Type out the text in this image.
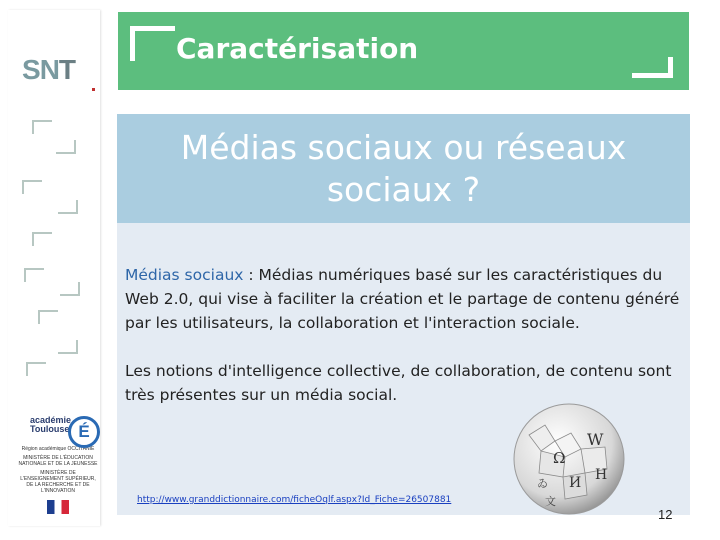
SNT
académie
Toulouse É
Région académique OCCITANIE
MINISTÈRE DE L'ÉDUCATION NATIONALE ET DE LA JEUNESSE
MINISTÈRE DE L'ENSEIGNEMENT SUPÉRIEUR, DE LA RECHERCHE ET DE L'INNOVATION
Caractérisation
Médias sociaux ou réseaux sociaux ?
Médias sociaux : Médias numériques basé sur les caractéristiques du Web 2.0, qui vise à faciliter la création et le partage de contenu généré par les utilisateurs, la collaboration et l'interaction sociale.
Les notions d'intelligence collective, de collaboration, de contenu sont très présentes sur un média social.
Ω
W
И H
ゐ
文
http://www.granddictionnaire.com/ficheOqlf.aspx?Id_Fiche=26507881
12
